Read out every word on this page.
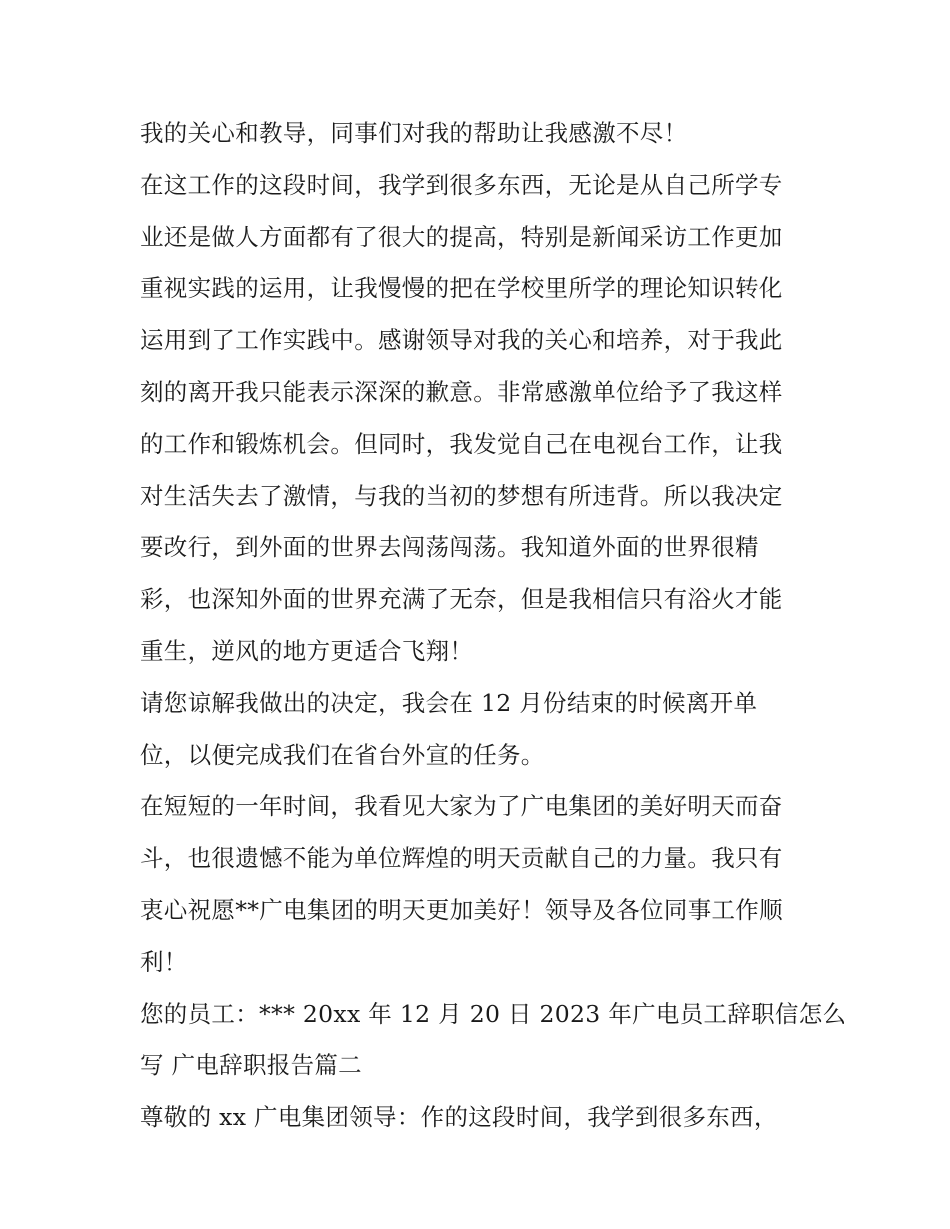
我的关心和教导，同事们对我的帮助让我感激不尽！
在这工作的这段时间，我学到很多东西，无论是从自己所学专
业还是做人方面都有了很大的提高，特别是新闻采访工作更加
重视实践的运用，让我慢慢的把在学校里所学的理论知识转化
运用到了工作实践中。感谢领导对我的关心和培养，对于我此
刻的离开我只能表示深深的歉意。非常感激单位给予了我这样
的工作和锻炼机会。但同时，我发觉自己在电视台工作，让我
对生活失去了激情，与我的当初的梦想有所违背。所以我决定
要改行，到外面的世界去闯荡闯荡。我知道外面的世界很精
彩，也深知外面的世界充满了无奈，但是我相信只有浴火才能
重生，逆风的地方更适合飞翔！
请您谅解我做出的决定，我会在 12 月份结束的时候离开单
位，以便完成我们在省台外宣的任务。
在短短的一年时间，我看见大家为了广电集团的美好明天而奋
斗，也很遗憾不能为单位辉煌的明天贡献自己的力量。我只有
衷心祝愿**广电集团的明天更加美好！领导及各位同事工作顺
利！
您的员工：*** 20xx 年 12 月 20 日 2023 年广电员工辞职信怎么
写 广电辞职报告篇二
尊敬的 xx 广电集团领导：作的这段时间，我学到很多东西，
